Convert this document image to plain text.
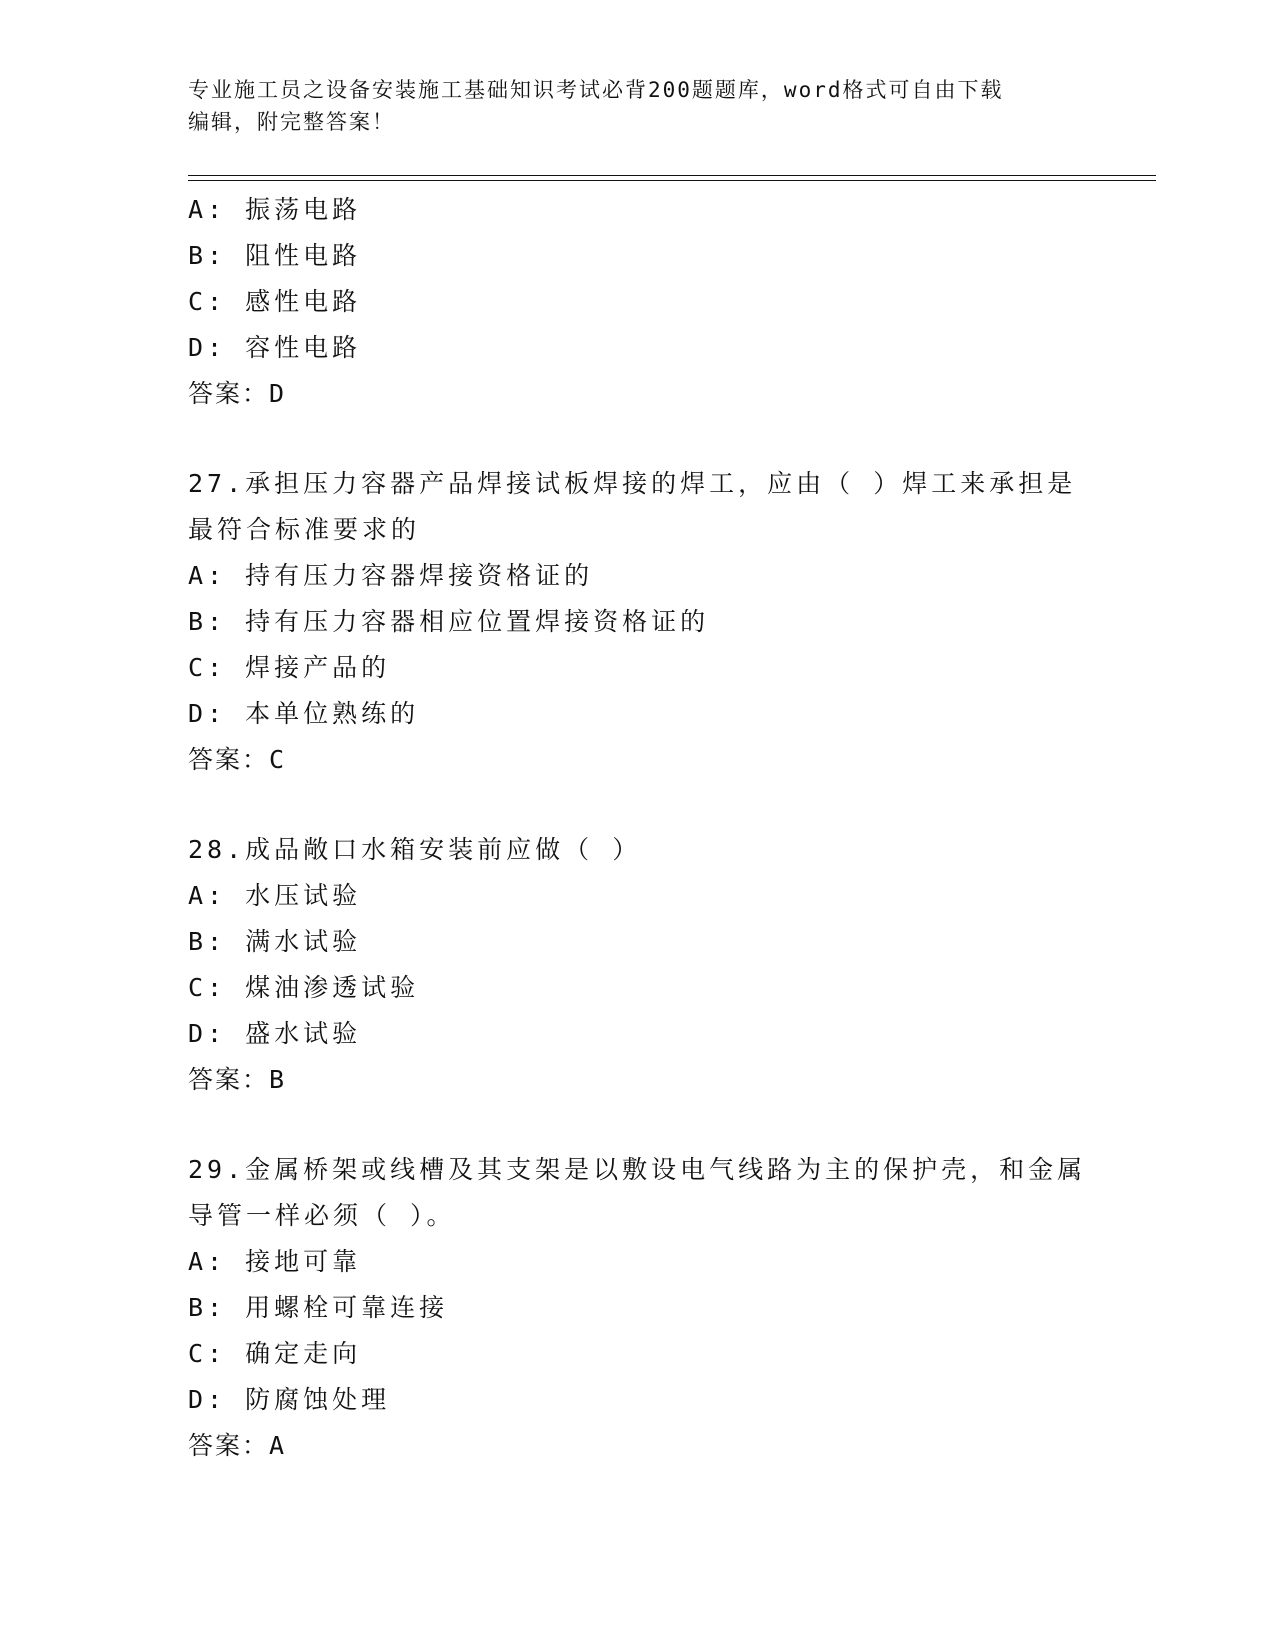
专业施工员之设备安装施工基础知识考试必背200题题库，word格式可自由下载
编辑，附完整答案！
A: 振荡电路
B: 阻性电路
C: 感性电路
D: 容性电路
答案：D
27.承担压力容器产品焊接试板焊接的焊工，应由（ ）焊工来承担是
最符合标准要求的
A: 持有压力容器焊接资格证的
B: 持有压力容器相应位置焊接资格证的
C: 焊接产品的
D: 本单位熟练的
答案：C
28.成品敞口水箱安装前应做（ ）
A: 水压试验
B: 满水试验
C: 煤油渗透试验
D: 盛水试验
答案：B
29.金属桥架或线槽及其支架是以敷设电气线路为主的保护壳，和金属
导管一样必须（ ）。
A: 接地可靠
B: 用螺栓可靠连接
C: 确定走向
D: 防腐蚀处理
答案：A
